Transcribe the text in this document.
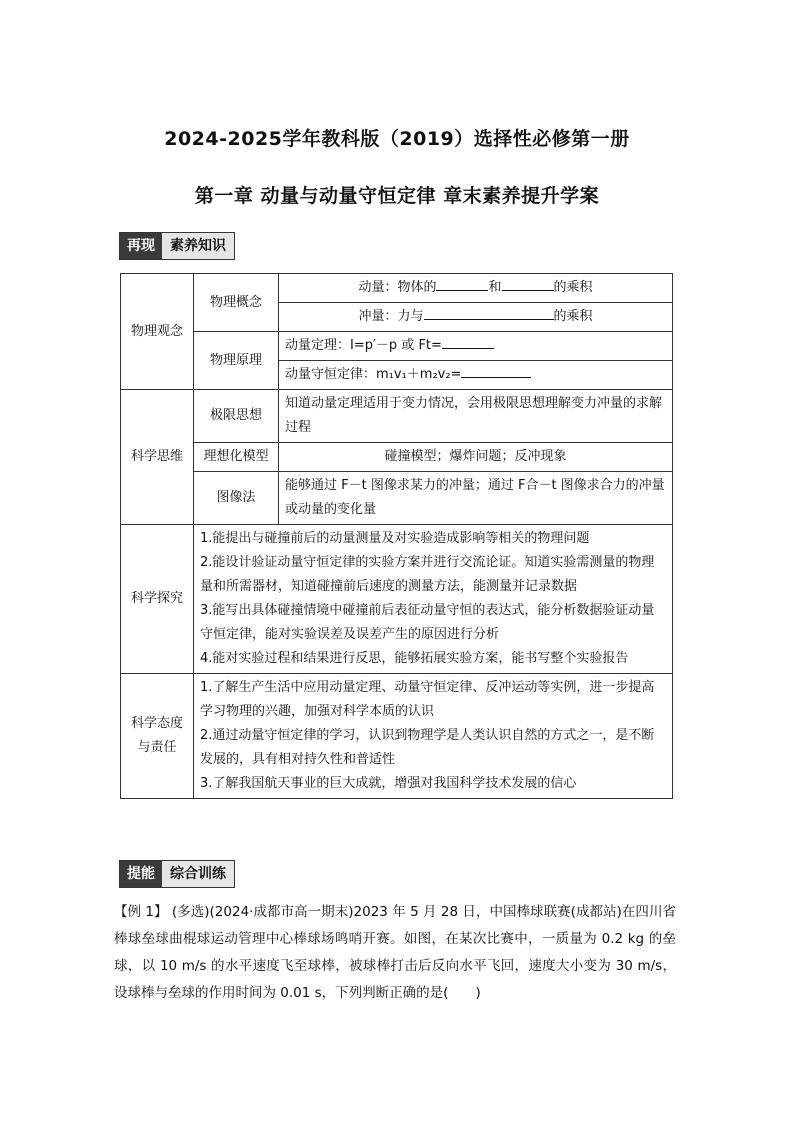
2024-2025学年教科版（2019）选择性必修第一册
第一章 动量与动量守恒定律 章末素养提升学案
再现	素养知识
物理观念	物理概念	动量：物体的 和 的乘积
		冲量：力与 的乘积
	物理原理	动量定理：I=p′－p 或 Ft=
		动量守恒定律：m₁v₁＋m₂v₂=
科学思维	极限思想	知道动量定理适用于变力情况，会用极限思想理解变力冲量的求解过程
	理想化模型	碰撞模型；爆炸问题；反冲现象
	图像法	能够通过 F－t 图像求某力的冲量；通过 F合－t 图像求合力的冲量或动量的变化量
科学探究	1.能提出与碰撞前后的动量测量及对实验造成影响等相关的物理问题
2.能设计验证动量守恒定律的实验方案并进行交流论证。知道实验需测量的物理量和所需器材，知道碰撞前后速度的测量方法，能测量并记录数据
3.能写出具体碰撞情境中碰撞前后表征动量守恒的表达式，能分析数据验证动量守恒定律，能对实验误差及误差产生的原因进行分析
4.能对实验过程和结果进行反思，能够拓展实验方案，能书写整个实验报告	

科学态度
与责任	1.了解生产生活中应用动量定理、动量守恒定律、反冲运动等实例，进一步提高学习物理的兴趣，加强对科学本质的认识
2.通过动量守恒定律的学习，认识到物理学是人类认识自然的方式之一，是不断发展的，具有相对持久性和普适性
3.了解我国航天事业的巨大成就，增强对我国科学技术发展的信心	
提能	综合训练
【例 1】 (多选)(2024·成都市高一期末)2023 年 5 月 28 日，中国棒球联赛(成都站)在四川省棒球垒球曲棍球运动管理中心棒球场鸣哨开赛。如图，在某次比赛中，一质量为 0.2 kg 的垒球，以 10 m/s 的水平速度飞至球棒，被球棒打击后反向水平飞回，速度大小变为 30 m/s，设球棒与垒球的作用时间为 0.01 s，下列判断正确的是(　　)
